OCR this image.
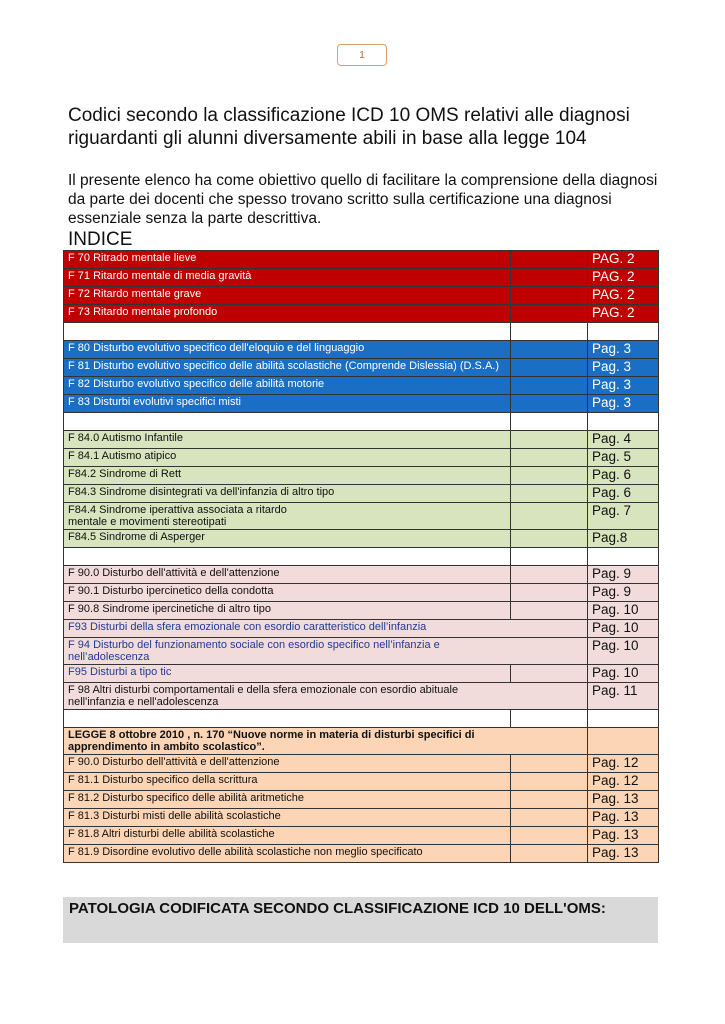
1
Codici secondo la classificazione ICD 10 OMS relativi alle diagnosi riguardanti gli alunni diversamente abili in base alla legge 104

Il presente elenco ha come obiettivo quello di facilitare la comprensione della diagnosi da parte dei docenti che spesso trovano scritto sulla certificazione una diagnosi essenziale senza la parte descrittiva.

INDICE
F 70 Ritrado mentale lieve		PAG. 2
F 71 Ritardo mentale di media gravità		PAG. 2
F 72 Ritardo mentale grave		PAG. 2
F 73 Ritardo mentale profondo		PAG. 2

F 80 Disturbo evolutivo specifico dell'eloquio e del linguaggio		Pag. 3
F 81 Disturbo evolutivo specifico delle abilità scolastiche (Comprende Dislessia) (D.S.A.)		Pag. 3
F 82 Disturbo evolutivo specifico delle abilità motorie		Pag. 3
F 83 Disturbi evolutivi specifici misti		Pag. 3

F 84.0 Autismo Infantile		Pag. 4
F 84.1 Autismo atipico		Pag. 5
F84.2 Sindrome di Rett		Pag. 6
F84.3 Sindrome disintegrati va dell'infanzia di altro tipo		Pag. 6
F84.4 Sindrome iperattiva associata a ritardo mentale e movimenti stereotipati		Pag. 7
F84.5 Sindrome di Asperger		Pag.8

F 90.0 Disturbo dell'attività e dell'attenzione		Pag. 9
F 90.1 Disturbo ipercinetico della condotta		Pag. 9
F 90.8 Sindrome ipercinetiche di altro tipo		Pag. 10
F93 Disturbi della sfera emozionale con esordio caratteristico dell’infanzia		Pag. 10
F 94 Disturbo del funzionamento sociale con esordio specifico nell’infanzia e nell’adolescenza		Pag. 10
F95 Disturbi a tipo tic		Pag. 10
F 98 Altri disturbi comportamentali e della sfera emozionale con esordio abituale nell'infanzia e nell'adolescenza		Pag. 11

LEGGE 8 ottobre 2010 , n. 170 “Nuove norme in materia di disturbi specifici di apprendimento in ambito scolastico”.		
F 90.0 Disturbo dell'attività e dell'attenzione		Pag. 12
F 81.1 Disturbo specifico della scrittura		Pag. 12
F 81.2 Disturbo specifico delle abilità aritmetiche		Pag. 13
F 81.3 Disturbi misti delle abilità scolastiche		Pag. 13
F 81.8 Altri disturbi delle abilità scolastiche		Pag. 13
F 81.9 Disordine evolutivo delle abilità scolastiche non meglio specificato		Pag. 13
PATOLOGIA CODIFICATA SECONDO CLASSIFICAZIONE ICD 10 DELL'OMS:
